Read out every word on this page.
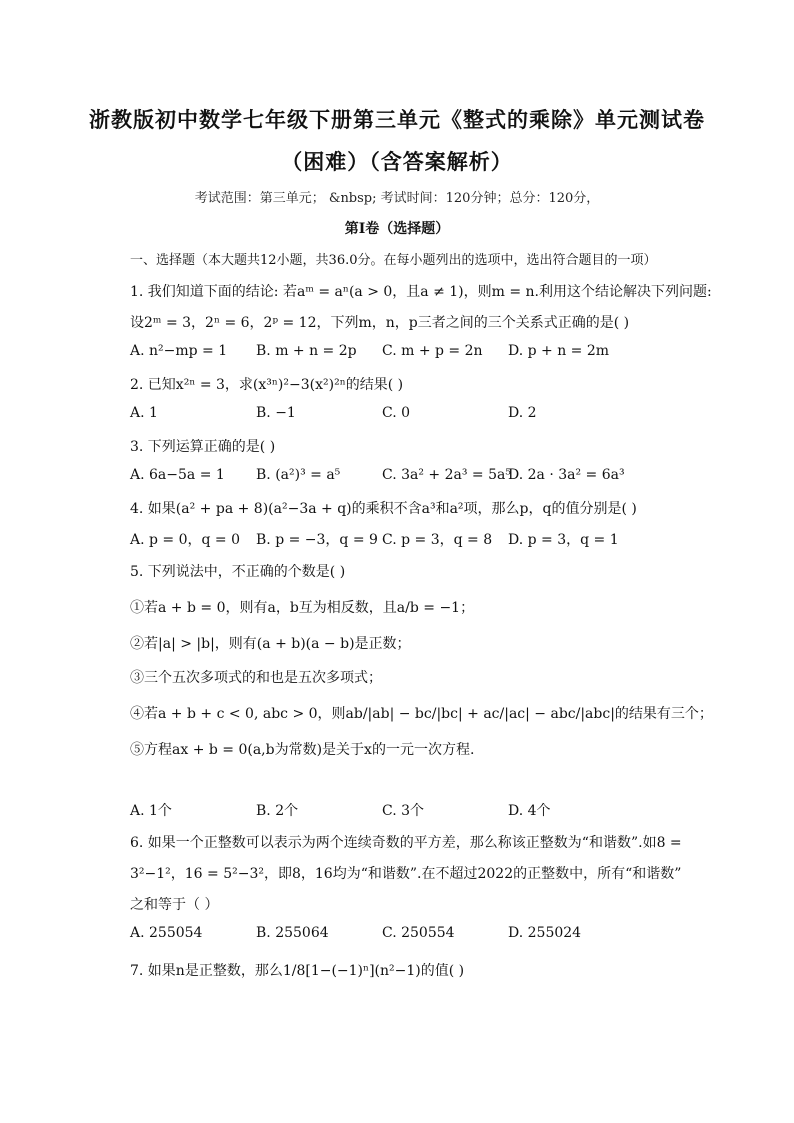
浙教版初中数学七年级下册第三单元《整式的乘除》单元测试卷
（困难）（含答案解析）
考试范围：第三单元； &nbsp; 考试时间：120分钟；总分：120分，
第I卷（选择题）
一、选择题（本大题共12小题，共36.0分。在每小题列出的选项中，选出符合题目的一项）
1. 我们知道下面的结论: 若aᵐ = aⁿ(a > 0，且a ≠ 1)，则m = n.利用这个结论解决下列问题:
设2ᵐ = 3，2ⁿ = 6，2ᵖ = 12，下列m，n，p三者之间的三个关系式正确的是( )
A. n²−mp = 1 B. m + n = 2p C. m + p = 2n D. p + n = 2m
2. 已知x²ⁿ = 3，求(x³ⁿ)²−3(x²)²ⁿ的结果( )
A. 1	B. −1	C. 0	D. 2
3. 下列运算正确的是( )
A. 6a−5a = 1 B. (a²)³ = a⁵	C. 3a² + 2a³ = 5a⁵
D. 2a · 3a² = 6a³
4. 如果(a² + pa + 8)(a²−3a + q)的乘积不含a³和a²项，那么p，q的值分别是( )
A. p = 0，q = 0 B. p = −3，q = 9 C. p = 3，q = 8 D. p = 3，q = 1
5. 下列说法中，不正确的个数是( )
①若a + b = 0，则有a，b互为相反数，且a/b = −1；
②若|a| > |b|，则有(a + b)(a − b)是正数；
③三个五次多项式的和也是五次多项式；
④若a + b + c < 0, abc > 0，则ab/|ab| − bc/|bc| + ac/|ac| − abc/|abc|的结果有三个；
⑤方程ax + b = 0(a,b为常数)是关于x的一元一次方程.
A. 1个	B. 2个	C. 3个	D. 4个
6. 如果一个正整数可以表示为两个连续奇数的平方差，那么称该正整数为“和谐数”.如8 =
3²−1²，16 = 5²−3²，即8，16均为“和谐数”.在不超过2022的正整数中，所有“和谐数”
之和等于（ ）
A. 255054	B. 255064	C. 250554	D. 255024
7. 如果n是正整数，那么1/8[1−(−1)ⁿ](n²−1)的值( )
